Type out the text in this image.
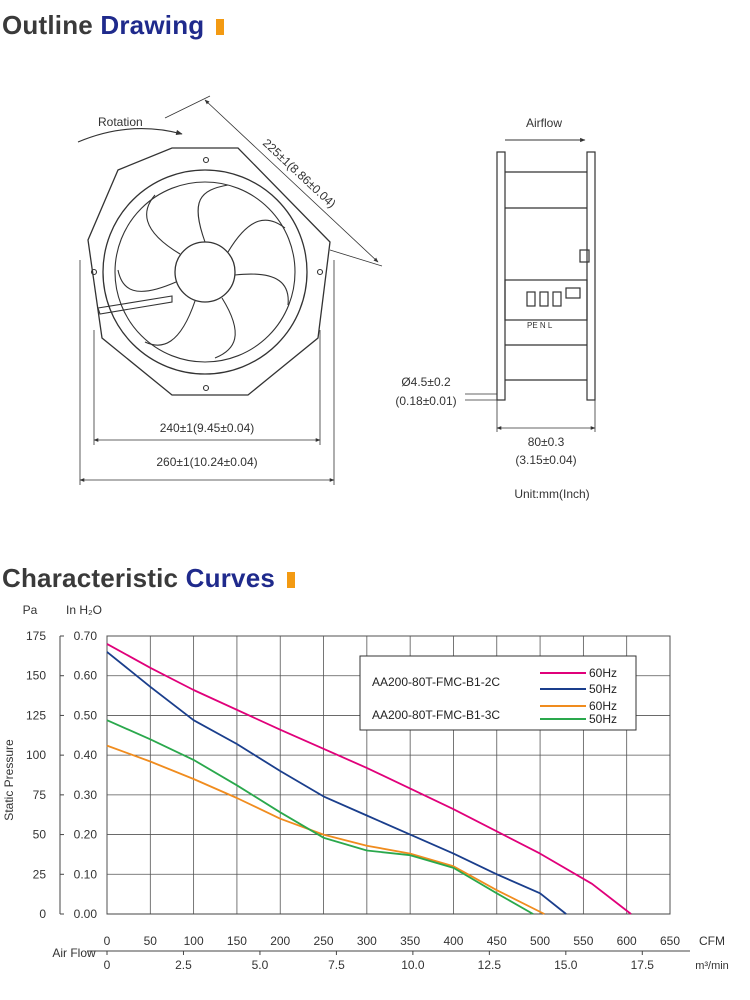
Outline Drawing
Rotation
225±1(8.86±0.04)
240±1(9.45±0.04)
260±1(10.24±0.04)
Airflow
PE N L
Ø4.5±0.2
(0.18±0.01)
80±0.3
(3.15±0.04)
Unit:mm(Inch)
Characteristic Curves
175
150
125
100
75
50
25
0
0.70
0.60
0.50
0.40
0.30
0.20
0.10
0.00
0	50 100 150 200 250 300 350 400 450 500 550 600 650
0	2.5	5.0	7.5	10.0	12.5	15.0	17.5
Pa In H₂O
Static Pressure
Air Flow
CFM
m³/min
AA200-80T-FMC-B1-2C
AA200-80T-FMC-B1-3C
60Hz
50Hz
60Hz
50Hz
